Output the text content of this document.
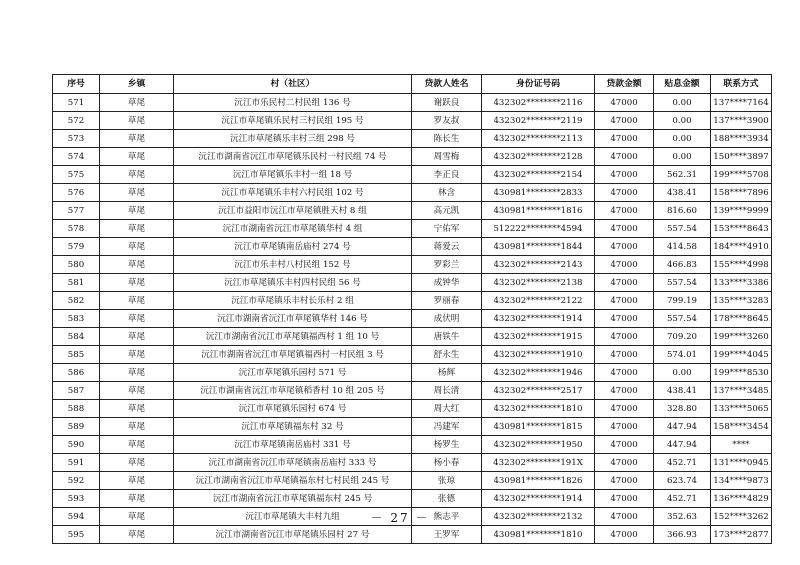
序号	乡镇	村（社区）	贷款人姓名	身份证号码	贷款金额	贴息金额	联系方式
571	草尾	沅江市乐民村二村民组 136 号	谢跃良	432302********2116	47000	0.00	137****7164
572	草尾	沅江市草尾镇乐民村三村民组 195 号	罗友叔	432302********2119	47000	0.00	137****3900
573	草尾	沅江市草尾镇乐丰村三组 298 号	陈长生	432302********2113	47000	0.00	188****3934
574	草尾	沅江市湖南省沅江市草尾镇乐民村一村民组 74 号	周雪梅	432302********2128	47000	0.00	150****3897
575	草尾	沅江市草尾镇乐丰村一组 18 号	李正良	432302********2154	47000	562.31	199****5708
576	草尾	沅江市草尾镇乐丰村六村民组 102 号	林含	430981********2833	47000	438.41	158****7896
577	草尾	沅江市益阳市沅江市草尾镇胜天村 8 组	高元凯	430981********1816	47000	816.60	139****9999
578	草尾	沅江市湖南省沅江市草尾镇华村 4 组	宁佑军	512222********4594	47000	557.54	153****8643
579	草尾	沅江市草尾镇南岳庙村 274 号	蒋爱云	430981********1844	47000	414.58	184****4910
580	草尾	沅江市乐丰村八村民组 152 号	罗彩兰	432302********2143	47000	466.83	155****4998
581	草尾	沅江市草尾镇乐丰村四村民组 56 号	成钟华	432302********2138	47000	557.54	133****3386
582	草尾	沅江市草尾镇乐丰村长乐村 2 组	罗丽春	432302********2122	47000	799.19	135****3283
583	草尾	沅江市湖南省沅江市草尾镇华村 146 号	成伏明	432302********1914	47000	557.54	178****8645
584	草尾	沅江市湖南省沅江市草尾镇福西村 1 组 10 号	唐铁牛	432302********1915	47000	709.20	199****3260
585	草尾	沅江市湖南省沅江市草尾镇福西村一村民组 3 号	舒永生	432302********1910	47000	574.01	199****4045
586	草尾	沅江市草尾镇乐园村 571 号	杨辉	432302********1946	47000	0.00	199****8530
587	草尾	沅江市湖南省沅江市草尾镇稻香村 10 组 205 号	周长清	432302********2517	47000	438.41	137****3485
588	草尾	沅江市草尾镇乐园村 674 号	周大红	432302********1810	47000	328.80	133****5065
589	草尾	沅江市草尾镇福东村 32 号	冯建军	430981********1815	47000	447.94	158****3454
590	草尾	沅江市草尾镇南岳庙村 331 号	杨罗生	432302********1950	47000	447.94	****
591	草尾	沅江市湖南省沅江市草尾镇南岳庙村 333 号	杨小春	432302********191X	47000	452.71	131****0945
592	草尾	沅江市湖南省沅江市草尾镇福东村七村民组 245 号	张琼	430981********1826	47000	623.74	134****9873
593	草尾	沅江市湖南省沅江市草尾镇福东村 245 号	张德	432302********1914	47000	452.71	136****4829
594	草尾	沅江市草尾镇大丰村九组	熊志平	432302********2132	47000	352.63	152****3262
595	草尾	沅江市湖南省沅江市草尾镇乐园村 27 号	王罗军	430981********1810	47000	366.93	173****2877
－ 27 －
